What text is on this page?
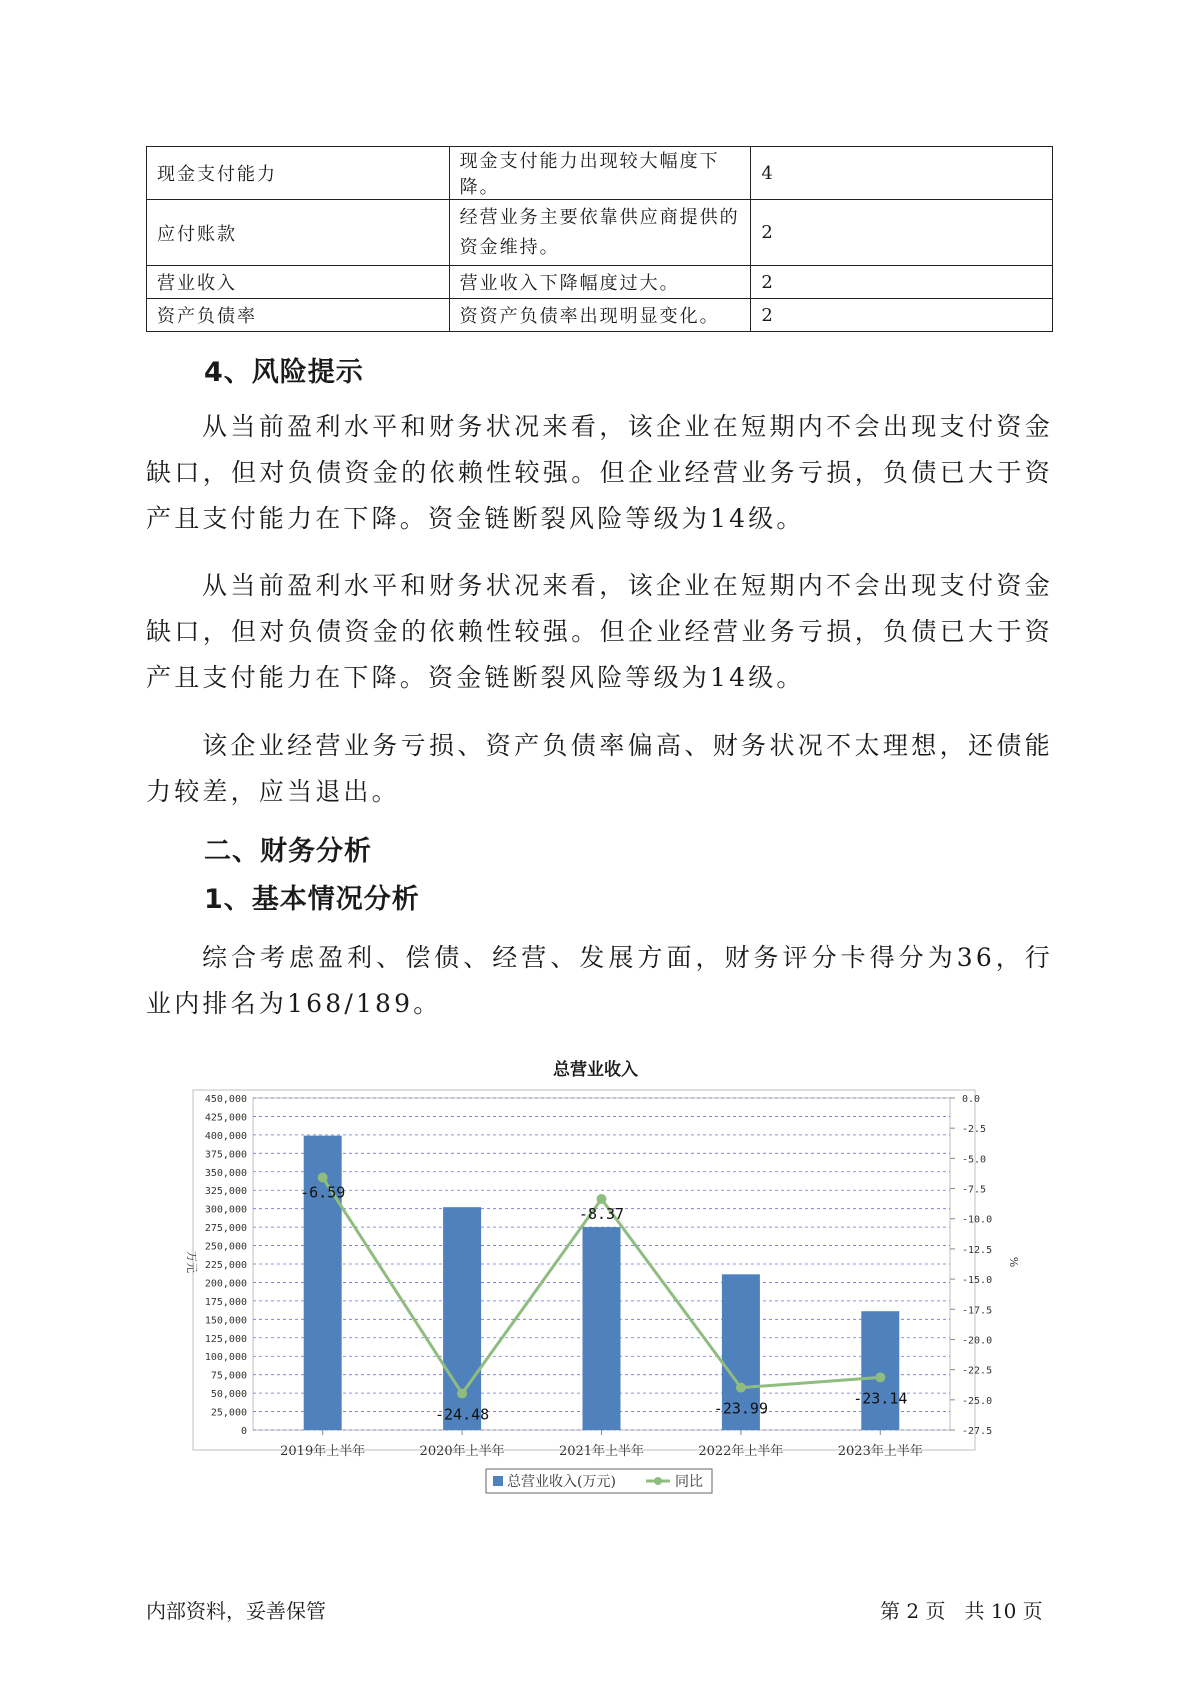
现金支付能力	现金支付能力出现较大幅度下降。	4
应付账款	经营业务主要依靠供应商提供的资金维持。	2
营业收入	营业收入下降幅度过大。	2
资产负债率	资资产负债率出现明显变化。	2
4、风险提示

从当前盈利水平和财务状况来看，该企业在短期内不会出现支付资金缺口，但对负债资金的依赖性较强。但企业经营业务亏损，负债已大于资产且支付能力在下降。资金链断裂风险等级为14级。

从当前盈利水平和财务状况来看，该企业在短期内不会出现支付资金缺口，但对负债资金的依赖性较强。但企业经营业务亏损，负债已大于资产且支付能力在下降。资金链断裂风险等级为14级。

该企业经营业务亏损、资产负债率偏高、财务状况不太理想，还债能力较差，应当退出。

二、财务分析
1、基本情况分析

综合考虑盈利、偿债、经营、发展方面，财务评分卡得分为36，行业内排名为168/189。

总营业收入
0
25,000
50,000
75,000
100,000
125,000
150,000
175,000
200,000
225,000
250,000
275,000
300,000
325,000
350,000
375,000
400,000
425,000
450,000	0.0
-2.5
-5.0
-7.5
-10.0
-12.5
-15.0
-17.5
-20.0
-22.5
-25.0
-27.5
万元	%
2019年上半年	2020年上半年	2021年上半年	2022年上半年	2023年上半年
-6.59
-24.48
-8.37
-23.99
-23.14
总营业收入(万元)	同比
内部资料，妥善保管	第 2 页   共 10 页
